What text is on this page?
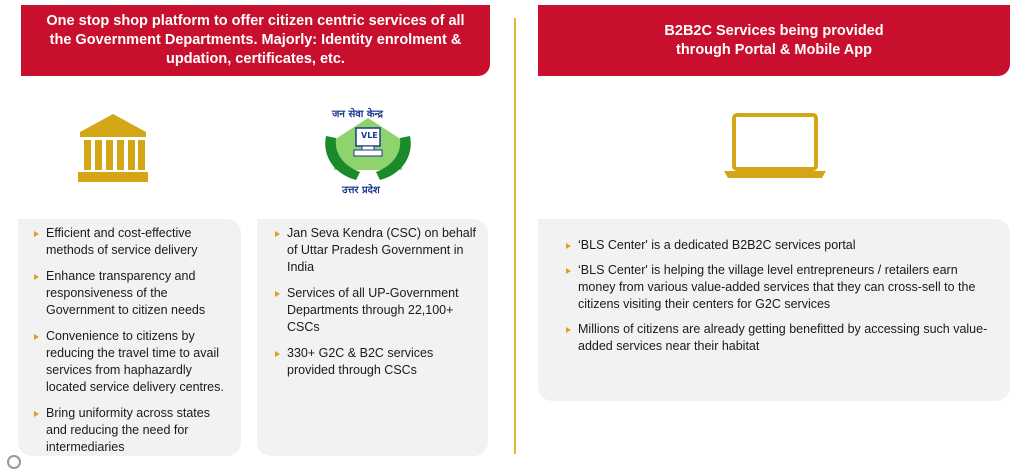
One stop shop platform to offer citizen centric services of all the Government Departments. Majorly: Identity enrolment & updation, certificates, etc.
B2B2C Services being provided through Portal & Mobile App
जन सेवा केन्द्र
VLE
उत्तर प्रदेश
Efficient and cost-effective methods of service delivery
Enhance transparency and responsiveness of the Government to citizen needs
Convenience to citizens by reducing the travel time to avail services from haphazardly located service delivery centres.
Bring uniformity across states and reducing the need for intermediaries
Jan Seva Kendra (CSC) on behalf of Uttar Pradesh Government in India
Services of all UP-Government Departments through 22,100+ CSCs
330+ G2C & B2C services provided through CSCs
‘BLS Center' is a dedicated B2B2C services portal
‘BLS Center' is helping the village level entrepreneurs / retailers earn money from various value-added services that they can cross-sell to the citizens visiting their centers for G2C services
Millions of citizens are already getting benefitted by accessing such value-added services near their habitat
